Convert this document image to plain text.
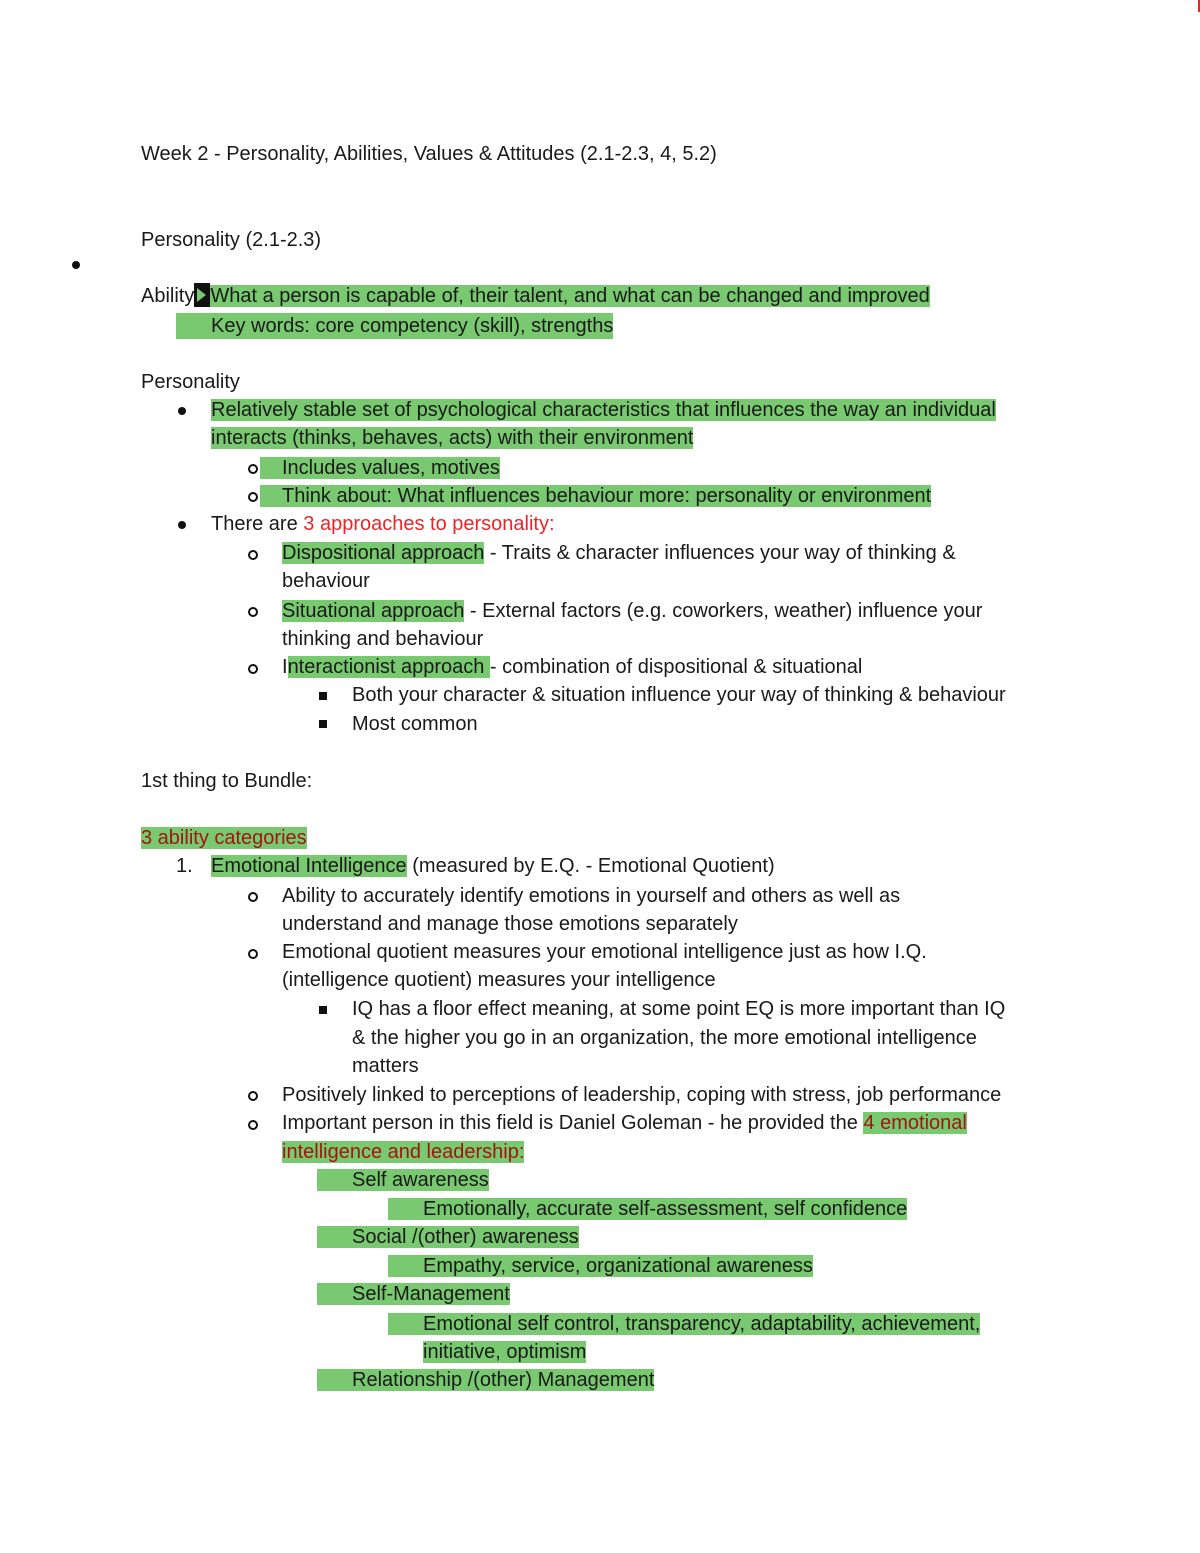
Week 2 - Personality, Abilities, Values & Attitudes (2.1-2.3, 4, 5.2)
Personality (2.1-2.3)
Ability What a person is capable of, their talent, and what can be changed and improved
Key words: core competency (skill), strengths
Personality
Relatively stable set of psychological characteristics that influences the way an individual
interacts (thinks, behaves, acts) with their environment
Includes values, motives
Think about: What influences behaviour more: personality or environment
There are 3 approaches to personality:
Dispositional approach - Traits & character influences your way of thinking &
behaviour
Situational approach - External factors (e.g. coworkers, weather) influence your
thinking and behaviour
Interactionist approach - combination of dispositional & situational
Both your character & situation influence your way of thinking & behaviour
Most common
1st thing to Bundle:
3 ability categories
1. Emotional Intelligence (measured by E.Q. - Emotional Quotient)
Ability to accurately identify emotions in yourself and others as well as
understand and manage those emotions separately
Emotional quotient measures your emotional intelligence just as how I.Q.
(intelligence quotient) measures your intelligence
IQ has a floor effect meaning, at some point EQ is more important than IQ
& the higher you go in an organization, the more emotional intelligence
matters
Positively linked to perceptions of leadership, coping with stress, job performance
Important person in this field is Daniel Goleman - he provided the 4 emotional
intelligence and leadership:
Self awareness
Emotionally, accurate self-assessment, self confidence
Social /(other) awareness
Empathy, service, organizational awareness
Self-Management
Emotional self control, transparency, adaptability, achievement,
initiative, optimism
Relationship /(other) Management
